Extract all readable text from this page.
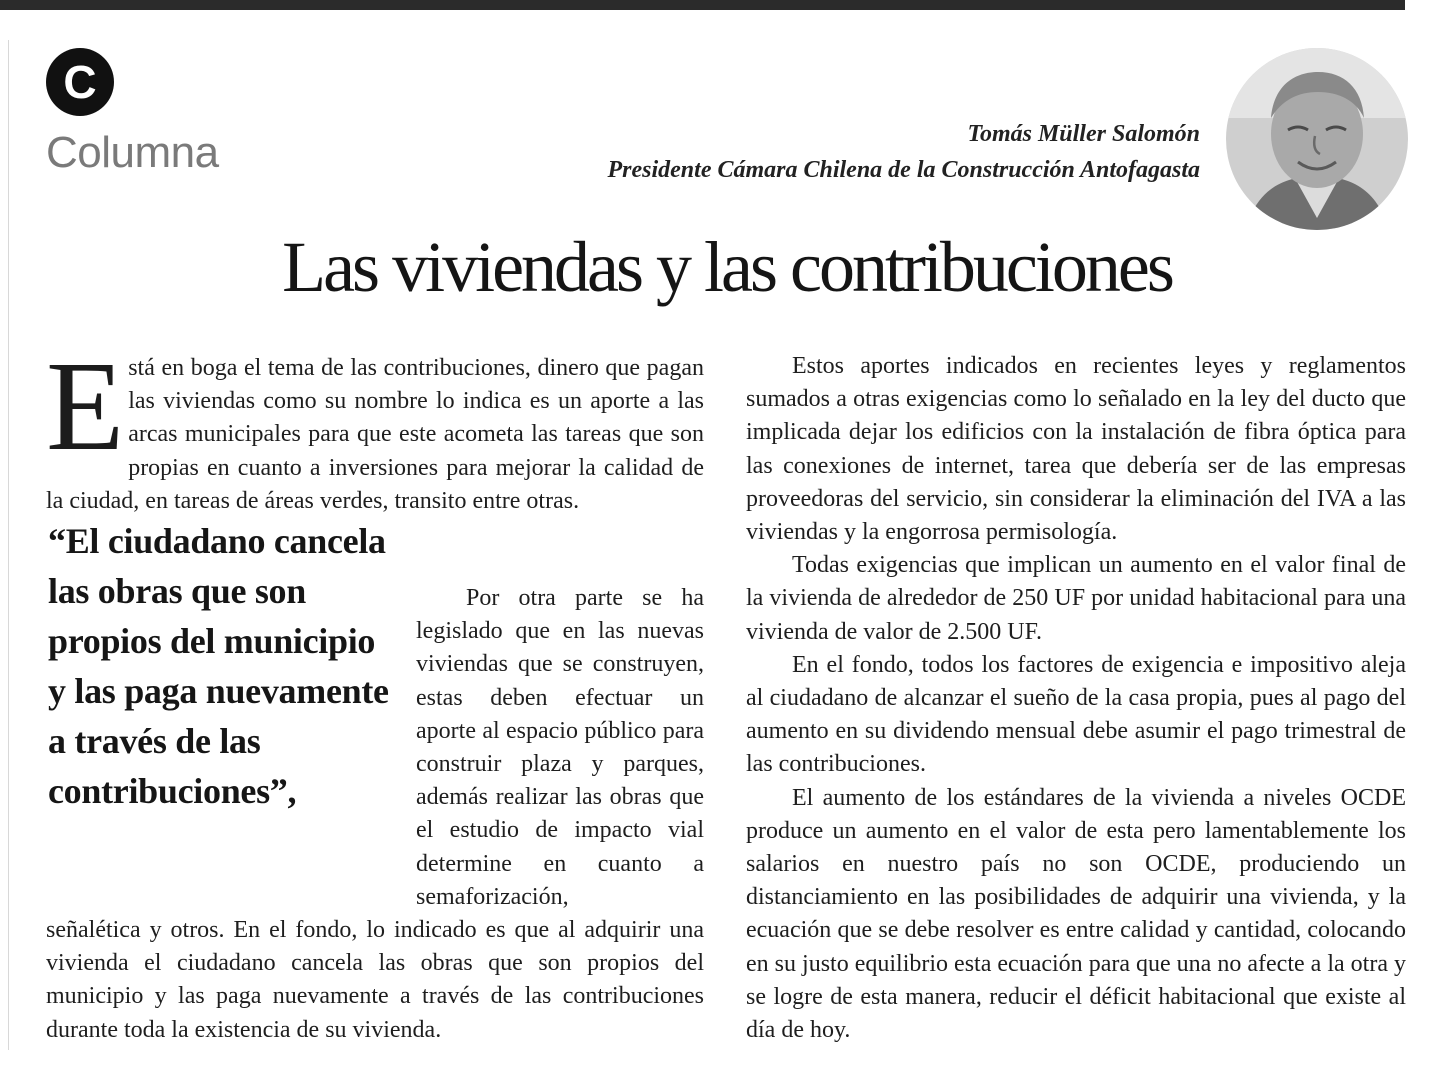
C
Columna	Tomás Müller Salomón
Presidente Cámara Chilena de la Construcción Antofagasta
Las viviendas y las contribuciones
E stá en boga el tema de las contribuciones, dinero que pagan las viviendas como su nombre lo indica es un aporte a las arcas municipales para que este acometa las tareas que son propias en cuanto a inversiones para mejorar la calidad de la ciudad, en tareas de áreas verdes, transito entre otras.

“El ciudadano cancela las obras que son propios del municipio y las paga nuevamente a través de las contribuciones”,

Por otra parte se ha legislado que en las nuevas viviendas que se construyen, estas deben efectuar un aporte al espacio público para construir plaza y parques, además realizar las obras que el estudio de impacto vial determine en cuanto a semaforización,

señalética y otros. En el fondo, lo indicado es que al adquirir una vivienda el ciudadano cancela las obras que son propios del municipio y las paga nuevamente a través de las contribuciones durante toda la existencia de su vivienda.

Estos aportes indicados en recientes leyes y reglamentos sumados a otras exigencias como lo señalado en la ley del ducto que implicada dejar los edificios con la instalación de fibra óptica para las conexiones de internet, tarea que debería ser de las empresas proveedoras del servicio, sin considerar la eliminación del IVA a las viviendas y la engorrosa permisología.

Todas exigencias que implican un aumento en el valor final de la vivienda de alrededor de 250 UF por unidad habitacional para una vivienda de valor de 2.500 UF.

En el fondo, todos los factores de exigencia e impositivo aleja al ciudadano de alcanzar el sueño de la casa propia, pues al pago del aumento en su dividendo mensual debe asumir el pago trimestral de las contribuciones.

El aumento de los estándares de la vivienda a niveles OCDE produce un aumento en el valor de esta pero lamentablemente los salarios en nuestro país no son OCDE, produciendo un distanciamiento en las posibilidades de adquirir una vivienda, y la ecuación que se debe resolver es entre calidad y cantidad, colocando en su justo equilibrio esta ecuación para que una no afecte a la otra y se logre de esta manera, reducir el déficit habitacional que existe al día de hoy.
